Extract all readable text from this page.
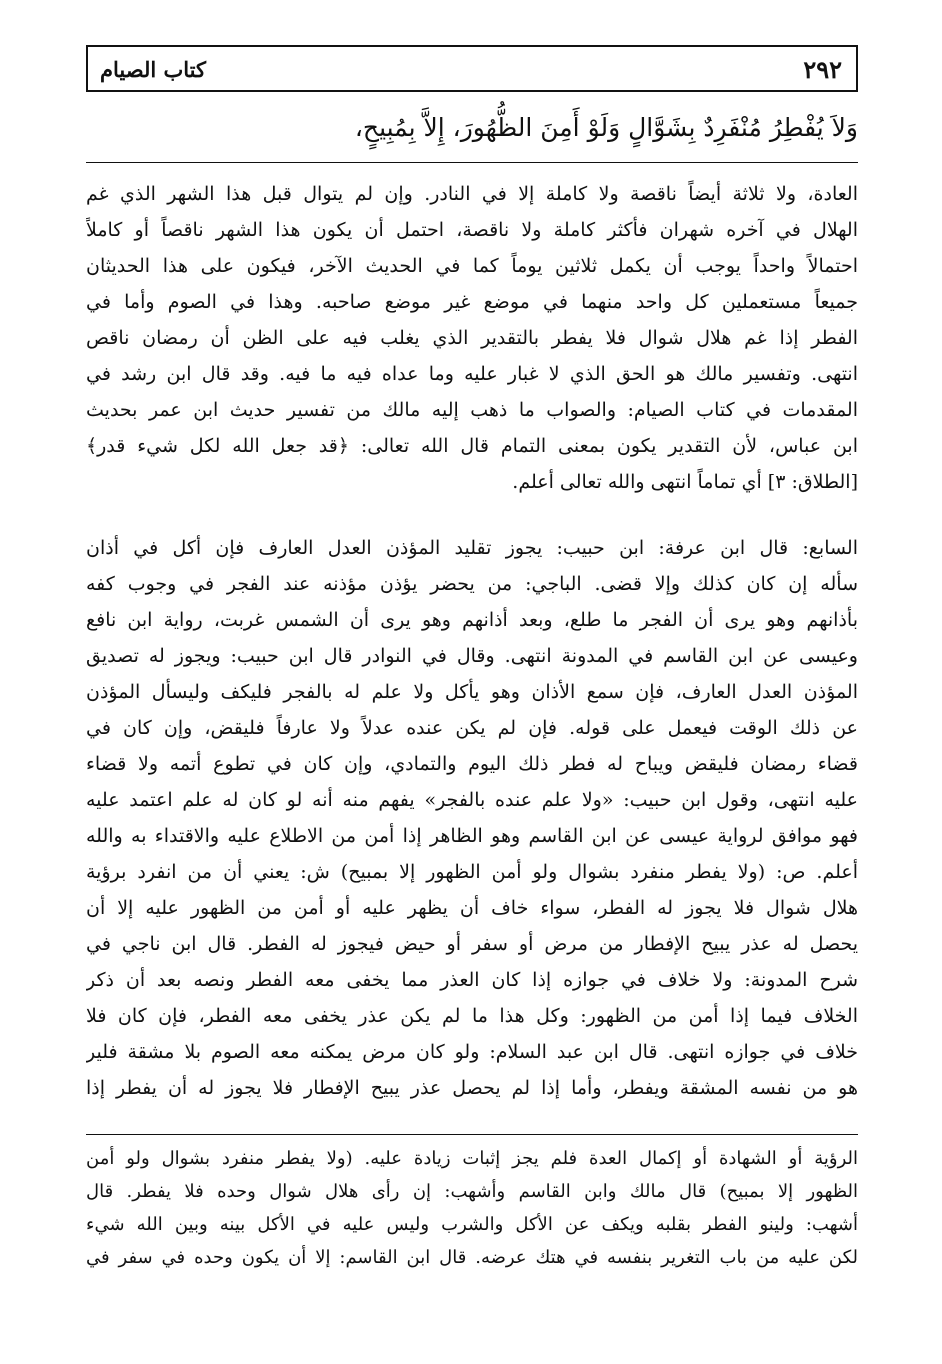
٢٩٢
كتاب الصيام
وَلاَ يُفْطِرُ مُنْفَرِدٌ بِشَوَّالٍ وَلَوْ أَمِنَ الظُّهُورَ، إِلاَّ بِمُبِيحٍ،
العادة، ولا ثلاثة أيضاً ناقصة ولا كاملة إلا في النادر. وإن لم يتوال قبل هذا الشهر الذي غم
الهلال في آخره شهران فأكثر كاملة ولا ناقصة، احتمل أن يكون هذا الشهر ناقصاً أو كاملاً
احتمالاً واحداً يوجب أن يكمل ثلاثين يوماً كما في الحديث الآخر، فيكون على هذا الحديثان
جميعاً مستعملين كل واحد منهما في موضع غير موضع صاحبه. وهذا في الصوم وأما في
الفطر إذا غم هلال شوال فلا يفطر بالتقدير الذي يغلب فيه على الظن أن رمضان ناقص
انتهى. وتفسير مالك هو الحق الذي لا غبار عليه وما عداه فيه ما فيه. وقد قال ابن رشد في
المقدمات في كتاب الصيام: والصواب ما ذهب إليه مالك من تفسير حديث ابن عمر بحديث
ابن عباس، لأن التقدير يكون بمعنى التمام قال الله تعالى: ﴿قد جعل الله لكل شيء قدر﴾
[الطلاق: ٣] أي تماماً انتهى والله تعالى أعلم.
السابع: قال ابن عرفة: ابن حبيب: يجوز تقليد المؤذن العدل العارف فإن أكل في أذان
سأله إن كان كذلك وإلا قضى. الباجي: من يحضر يؤذن مؤذنه عند الفجر في وجوب كفه
بأذانهم وهو يرى أن الفجر ما طلع، وبعد أذانهم وهو يرى أن الشمس غربت، رواية ابن نافع
وعيسى عن ابن القاسم في المدونة انتهى. وقال في النوادر قال ابن حبيب: ويجوز له تصديق
المؤذن العدل العارف، فإن سمع الأذان وهو يأكل ولا علم له بالفجر فليكف وليسأل المؤذن
عن ذلك الوقت فيعمل على قوله. فإن لم يكن عنده عدلاً ولا عارفاً فليقض، وإن كان في
قضاء رمضان فليقض ويباح له فطر ذلك اليوم والتمادي، وإن كان في تطوع أتمه ولا قضاء
عليه انتهى، وقول ابن حبيب: «ولا علم عنده بالفجر» يفهم منه أنه لو كان له علم اعتمد عليه
فهو موافق لرواية عيسى عن ابن القاسم وهو الظاهر إذا أمن من الاطلاع عليه والاقتداء به والله
أعلم. ص: (ولا يفطر منفرد بشوال ولو أمن الظهور إلا بمبيح) ش: يعني أن من انفرد برؤية
هلال شوال فلا يجوز له الفطر، سواء خاف أن يظهر عليه أو أمن من الظهور عليه إلا أن
يحصل له عذر يبيح الإفطار من مرض أو سفر أو حيض فيجوز له الفطر. قال ابن ناجي في
شرح المدونة: ولا خلاف في جوازه إذا كان العذر مما يخفى معه الفطر ونصه بعد أن ذكر
الخلاف فيما إذا أمن من الظهور: وكل هذا ما لم يكن عذر يخفى معه الفطر، فإن كان فلا
خلاف في جوازه انتهى. قال ابن عبد السلام: ولو كان مرض يمكنه معه الصوم بلا مشقة فلير
هو من نفسه المشقة ويفطر، وأما إذا لم يحصل عذر يبيح الإفطار فلا يجوز له أن يفطر إذا
الرؤية أو الشهادة أو إكمال العدة فلم يجز إثبات زيادة عليه. (ولا يفطر منفرد بشوال ولو أمن
الظهور إلا بمبيح) قال مالك وابن القاسم وأشهب: إن رأى هلال شوال وحده فلا يفطر. قال
أشهب: ولينو الفطر بقلبه ويكف عن الأكل والشرب وليس عليه في الأكل بينه وبين الله شيء
لكن عليه من باب التغرير بنفسه في هتك عرضه. قال ابن القاسم: إلا أن يكون وحده في سفر في
